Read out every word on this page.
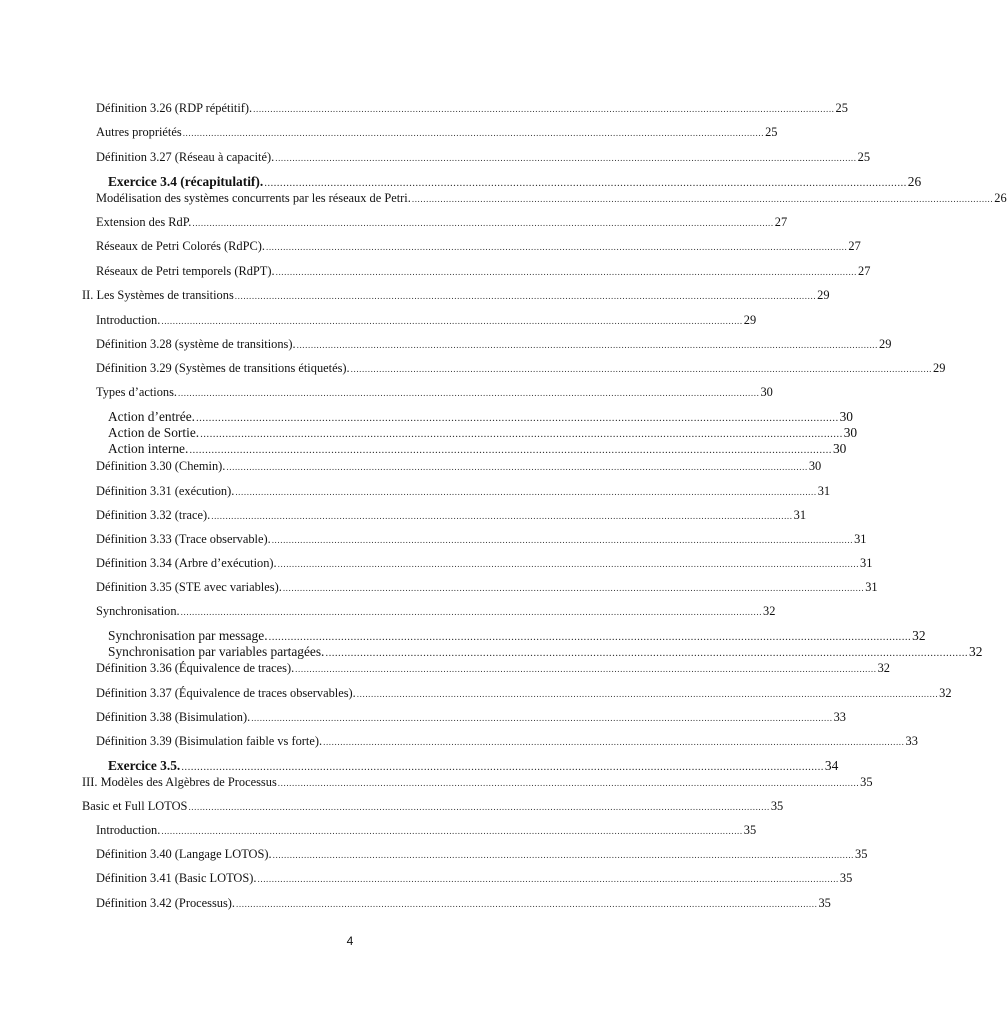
Définition 3.26 (RDP répétitif). ............................................................................................................................................................................................................ 25
Autres propriétés ............................................................................................................................................................................................................ 25
Définition 3.27 (Réseau à capacité). ............................................................................................................................................................................................................ 25
Exercice 3.4 (récapitulatif). ............................................................................................................................................................................................................ 26
Modélisation des systèmes concurrents par les réseaux de Petri. ............................................................................................................................................................................................................ 26
Extension des RdP. ............................................................................................................................................................................................................ 27
Réseaux de Petri Colorés (RdPC). ............................................................................................................................................................................................................ 27
Réseaux de Petri temporels (RdPT). ............................................................................................................................................................................................................ 27
II. Les Systèmes de transitions ............................................................................................................................................................................................................ 29
Introduction. ............................................................................................................................................................................................................ 29
Définition 3.28 (système de transitions). ............................................................................................................................................................................................................ 29
Définition 3.29 (Systèmes de transitions étiquetés). ............................................................................................................................................................................................................ 29
Types d’actions. ............................................................................................................................................................................................................ 30
Action d’entrée. ............................................................................................................................................................................................................ 30
Action de Sortie. ............................................................................................................................................................................................................ 30
Action interne. ............................................................................................................................................................................................................ 30
Définition 3.30 (Chemin). ............................................................................................................................................................................................................ 30
Définition 3.31 (exécution). ............................................................................................................................................................................................................ 31
Définition 3.32 (trace). ............................................................................................................................................................................................................ 31
Définition 3.33 (Trace observable). ............................................................................................................................................................................................................ 31
Définition 3.34 (Arbre d’exécution). ............................................................................................................................................................................................................ 31
Définition 3.35 (STE avec variables). ............................................................................................................................................................................................................ 31
Synchronisation. ............................................................................................................................................................................................................ 32
Synchronisation par message. ............................................................................................................................................................................................................ 32
Synchronisation par variables partagées. ............................................................................................................................................................................................................ 32
Définition 3.36 (Équivalence de traces). ............................................................................................................................................................................................................ 32
Définition 3.37 (Équivalence de traces observables). ............................................................................................................................................................................................................ 32
Définition 3.38 (Bisimulation). ............................................................................................................................................................................................................ 33
Définition 3.39 (Bisimulation faible vs forte). ............................................................................................................................................................................................................ 33
Exercice 3.5. ............................................................................................................................................................................................................ 34
III. Modèles des Algèbres de Processus ............................................................................................................................................................................................................ 35
Basic et Full LOTOS ............................................................................................................................................................................................................ 35
Introduction. ............................................................................................................................................................................................................ 35
Définition 3.40 (Langage LOTOS). ............................................................................................................................................................................................................ 35
Définition 3.41 (Basic LOTOS). ............................................................................................................................................................................................................ 35
Définition 3.42 (Processus). ............................................................................................................................................................................................................ 35
4
